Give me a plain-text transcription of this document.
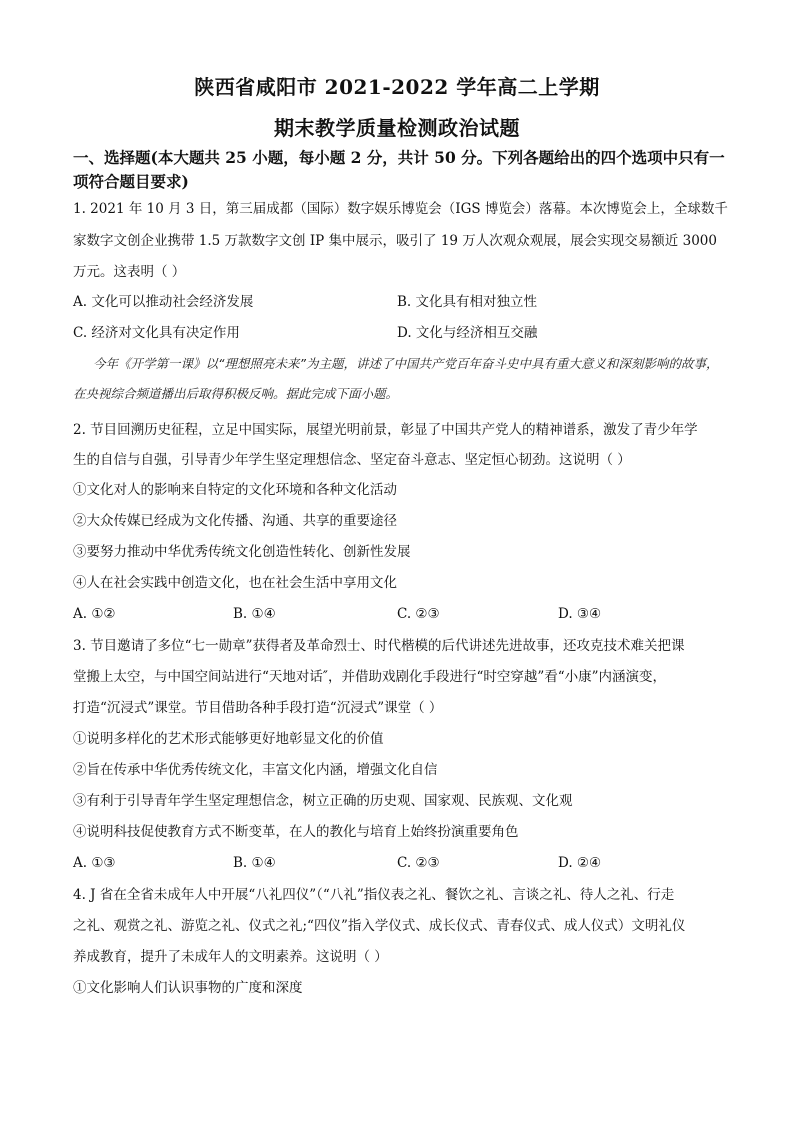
陕西省咸阳市 2021-2022 学年高二上学期
期末教学质量检测政治试题
一、选择题(本大题共 25 小题，每小题 2 分，共计 50 分。下列各题给出的四个选项中只有一项符合题目要求)
1. 2021 年 10 月 3 日，第三届成都（国际）数字娱乐博览会（IGS 博览会）落幕。本次博览会上，全球数千
家数字文创企业携带 1.5 万款数字文创 IP 集中展示，吸引了 19 万人次观众观展，展会实现交易额近 3000
万元。这表明（ ）
A. 文化可以推动社会经济发展	B. 文化具有相对独立性
C. 经济对文化具有决定作用	D. 文化与经济相互交融
今年《开学第一课》以“理想照亮未来”为主题，讲述了中国共产党百年奋斗史中具有重大意义和深刻影响的故事，在央视综合频道播出后取得积极反响。据此完成下面小题。
2. 节目回溯历史征程，立足中国实际，展望光明前景，彰显了中国共产党人的精神谱系，激发了青少年学
生的自信与自强，引导青少年学生坚定理想信念、坚定奋斗意志、坚定恒心韧劲。这说明（ ）
①文化对人的影响来自特定的文化环境和各种文化活动
②大众传媒已经成为文化传播、沟通、共享的重要途径
③要努力推动中华优秀传统文化创造性转化、创新性发展
④人在社会实践中创造文化，也在社会生活中享用文化
A. ①②	B. ①④	C. ②③	D. ③④
3. 节目邀请了多位“七一勋章”获得者及革命烈士、时代楷模的后代讲述先进故事，还攻克技术难关把课
堂搬上太空，与中国空间站进行“天地对话″，并借助戏剧化手段进行“时空穿越”看“小康”内涵演变，
打造“沉浸式”课堂。节目借助各种手段打造“沉浸式”课堂（ ）
①说明多样化的艺术形式能够更好地彰显文化的价值
②旨在传承中华优秀传统文化，丰富文化内涵，增强文化自信
③有利于引导青年学生坚定理想信念，树立正确的历史观、国家观、民族观、文化观
④说明科技促使教育方式不断变革，在人的教化与培育上始终扮演重要角色
A. ①③	B. ①④	C. ②③	D. ②④
4. J 省在全省未成年人中开展“八礼四仪”（“八礼”指仪表之礼、餐饮之礼、言谈之礼、待人之礼、行走
之礼、观赏之礼、游览之礼、仪式之礼;“四仪”指入学仪式、成长仪式、青春仪式、成人仪式）文明礼仪
养成教育，提升了未成年人的文明素养。这说明（ ）
①文化影响人们认识事物的广度和深度
